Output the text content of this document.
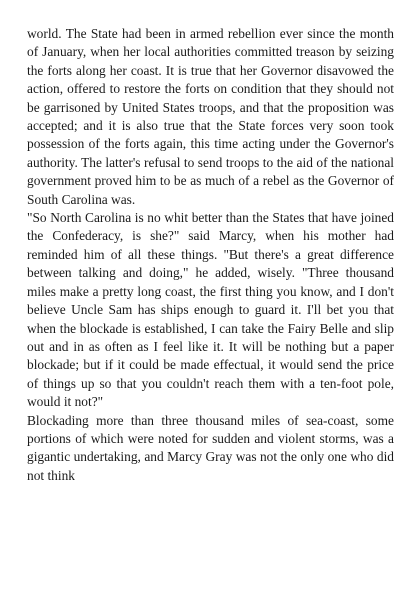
world. The State had been in armed rebellion ever since the month of January, when her local authorities committed treason by seizing the forts along her coast. It is true that her Governor disavowed the action, offered to restore the forts on condition that they should not be garrisoned by United States troops, and that the proposition was accepted; and it is also true that the State forces very soon took possession of the forts again, this time acting under the Governor's authority. The latter's refusal to send troops to the aid of the national government proved him to be as much of a rebel as the Governor of South Carolina was.

"So North Carolina is no whit better than the States that have joined the Confederacy, is she?" said Marcy, when his mother had reminded him of all these things. "But there's a great difference between talking and doing," he added, wisely. "Three thousand miles make a pretty long coast, the first thing you know, and I don't believe Uncle Sam has ships enough to guard it. I'll bet you that when the blockade is established, I can take the Fairy Belle and slip out and in as often as I feel like it. It will be nothing but a paper blockade; but if it could be made effectual, it would send the price of things up so that you couldn't reach them with a ten-foot pole, would it not?"

Blockading more than three thousand miles of sea-coast, some portions of which were noted for sudden and violent storms, was a gigantic undertaking, and Marcy Gray was not the only one who did not think
